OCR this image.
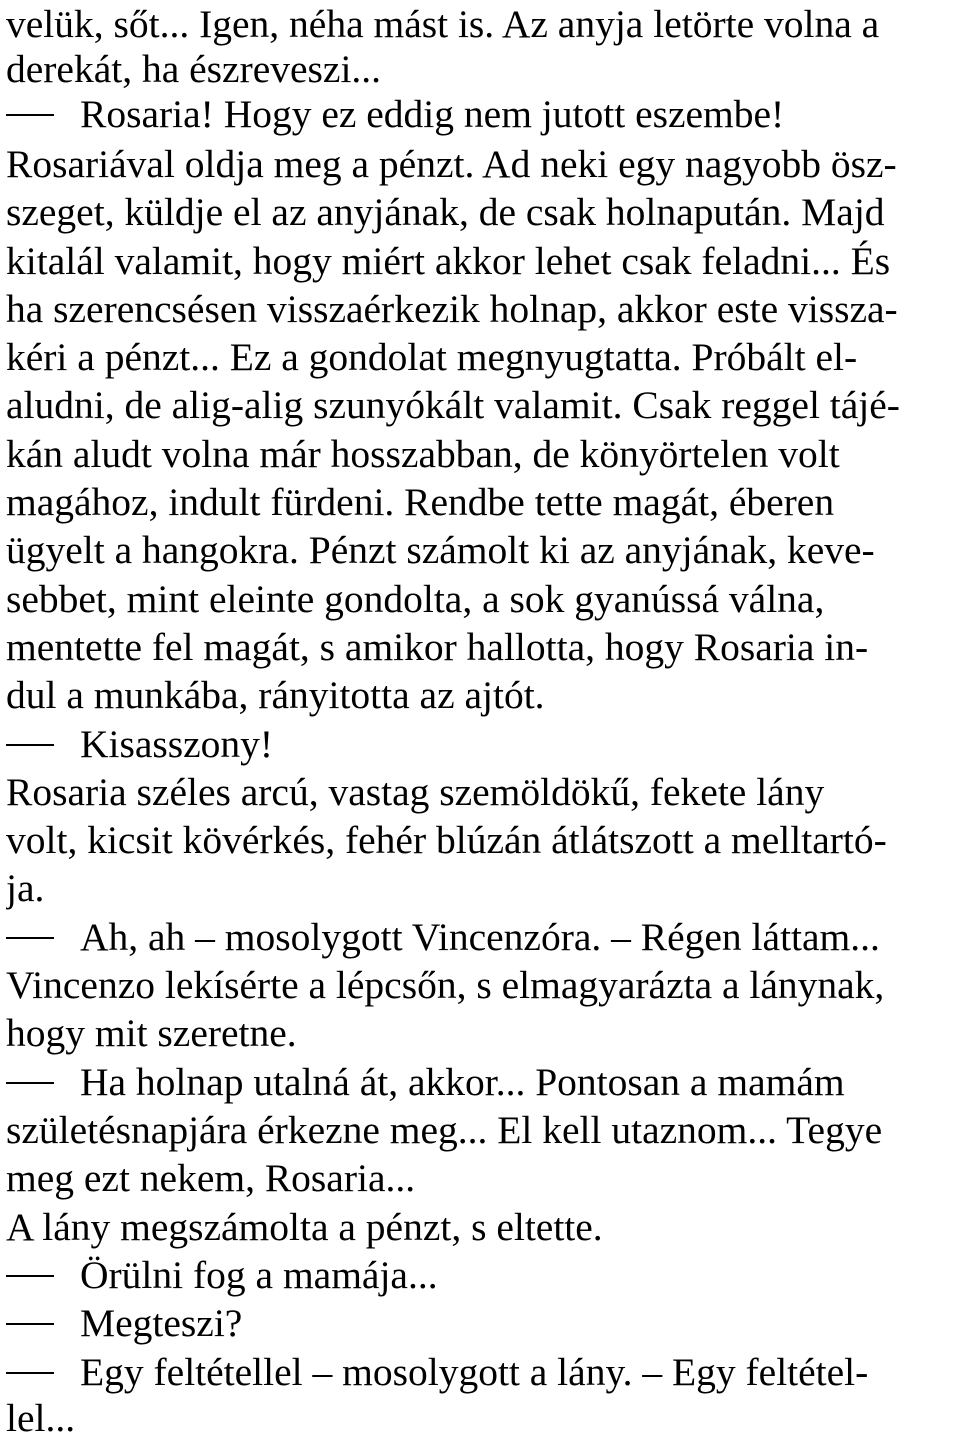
velük, sőt... Igen, néha mást is. Az anyja letörte volna a
derekát, ha észreveszi...
Rosaria! Hogy ez eddig nem jutott eszembe!
Rosariával oldja meg a pénzt. Ad neki egy nagyobb ösz-
szeget, küldje el az anyjának, de csak holnapután. Majd
kitalál valamit, hogy miért akkor lehet csak feladni... És
ha szerencsésen visszaérkezik holnap, akkor este vissza-
kéri a pénzt... Ez a gondolat megnyugtatta. Próbált el-
aludni, de alig-alig szunyókált valamit. Csak reggel tájé-
kán aludt volna már hosszabban, de könyörtelen volt
magához, indult fürdeni. Rendbe tette magát, éberen
ügyelt a hangokra. Pénzt számolt ki az anyjának, keve-
sebbet, mint eleinte gondolta, a sok gyanússá válna,
mentette fel magát, s amikor hallotta, hogy Rosaria in-
dul a munkába, rányitotta az ajtót.
Kisasszony!
Rosaria széles arcú, vastag szemöldökű, fekete lány
volt, kicsit kövérkés, fehér blúzán átlátszott a melltartó-
ja.
Ah, ah – mosolygott Vincenzóra. – Régen láttam...
Vincenzo lekísérte a lépcsőn, s elmagyarázta a lánynak,
hogy mit szeretne.
Ha holnap utalná át, akkor... Pontosan a mamám
születésnapjára érkezne meg... El kell utaznom... Tegye
meg ezt nekem, Rosaria...
A lány megszámolta a pénzt, s eltette.
Örülni fog a mamája...
Megteszi?
Egy feltétellel – mosolygott a lány. – Egy feltétel-
lel...
